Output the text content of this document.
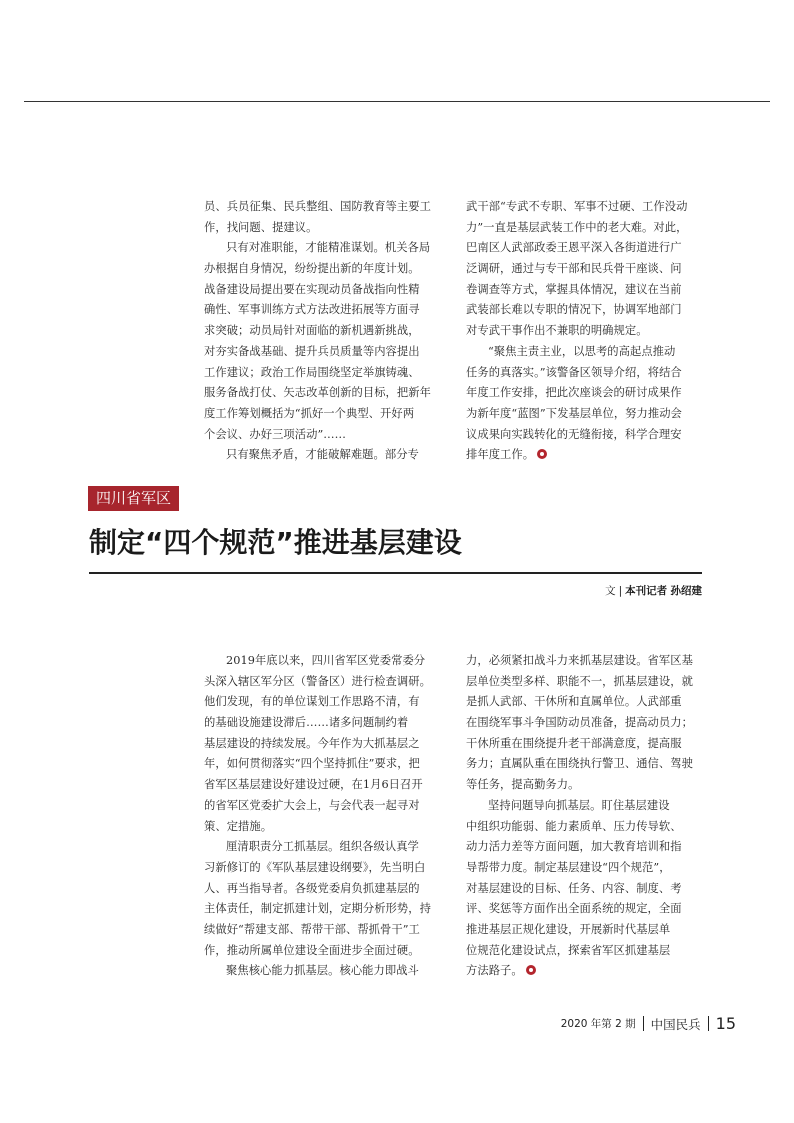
员、兵员征集、民兵整组、国防教育等主要工
作，找问题、提建议。
只有对准职能，才能精准谋划。机关各局
办根据自身情况，纷纷提出新的年度计划。
战备建设局提出要在实现动员备战指向性精
确性、军事训练方式方法改进拓展等方面寻
求突破；动员局针对面临的新机遇新挑战，
对夯实备战基础、提升兵员质量等内容提出
工作建议；政治工作局围绕坚定举旗铸魂、
服务备战打仗、矢志改革创新的目标，把新年
度工作筹划概括为“抓好一个典型、开好两
个会议、办好三项活动”……
只有聚焦矛盾，才能破解难题。部分专
武干部“专武不专职、军事不过硬、工作没动
力”一直是基层武装工作中的老大难。对此，
巴南区人武部政委王恩平深入各街道进行广
泛调研，通过与专干部和民兵骨干座谈、问
卷调查等方式，掌握具体情况，建议在当前
武装部长难以专职的情况下，协调军地部门
对专武干事作出不兼职的明确规定。
“聚焦主责主业，以思考的高起点推动
任务的真落实。”该警备区领导介绍，将结合
年度工作安排，把此次座谈会的研讨成果作
为新年度“蓝图”下发基层单位，努力推动会
议成果向实践转化的无缝衔接，科学合理安
排年度工作。
四川省军区
制定“四个规范”推进基层建设
文 | 本刊记者 孙绍建
2019年底以来，四川省军区党委常委分
头深入辖区军分区（警备区）进行检查调研。
他们发现，有的单位谋划工作思路不清，有
的基础设施建设滞后……诸多问题制约着
基层建设的持续发展。今年作为大抓基层之
年，如何贯彻落实“四个坚持抓住”要求，把
省军区基层建设好建设过硬，在1月6日召开
的省军区党委扩大会上，与会代表一起寻对
策、定措施。
厘清职责分工抓基层。组织各级认真学
习新修订的《军队基层建设纲要》，先当明白
人、再当指导者。各级党委肩负抓建基层的
主体责任，制定抓建计划，定期分析形势，持
续做好“帮建支部、帮带干部、帮抓骨干”工
作，推动所属单位建设全面进步全面过硬。
聚焦核心能力抓基层。核心能力即战斗
力，必须紧扣战斗力来抓基层建设。省军区基
层单位类型多样、职能不一，抓基层建设，就
是抓人武部、干休所和直属单位。人武部重
在围绕军事斗争国防动员准备，提高动员力；
干休所重在围绕提升老干部满意度，提高服
务力；直属队重在围绕执行警卫、通信、驾驶
等任务，提高勤务力。
坚持问题导向抓基层。盯住基层建设
中组织功能弱、能力素质单、压力传导软、
动力活力差等方面问题，加大教育培训和指
导帮带力度。制定基层建设“四个规范”，
对基层建设的目标、任务、内容、制度、考
评、奖惩等方面作出全面系统的规定，全面
推进基层正规化建设，开展新时代基层单
位规范化建设试点，探索省军区抓建基层
方法路子。
2020 年第 2 期 中国民兵 15
